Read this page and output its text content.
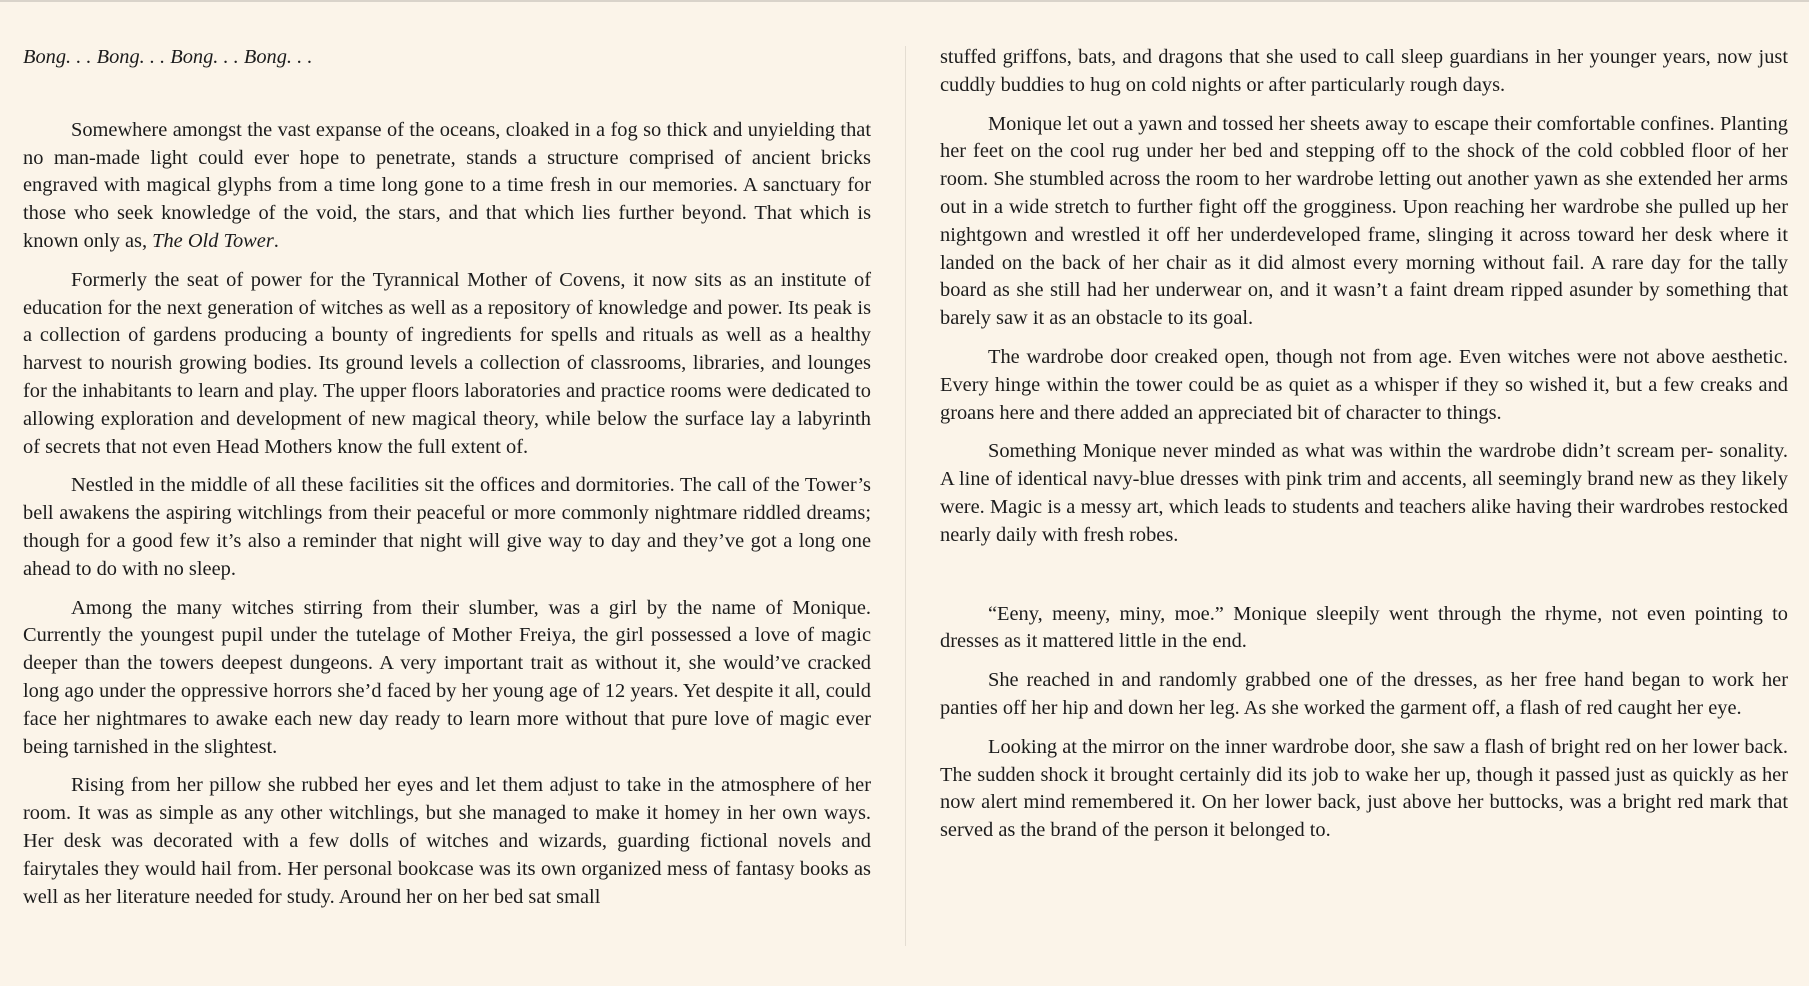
Bong. . . Bong. . . Bong. . . Bong. . .

Somewhere amongst the vast expanse of the oceans, cloaked in a fog so thick and unyielding that no man-made light could ever hope to penetrate, stands a structure comprised of ancient bricks engraved with magical glyphs from a time long gone to a time fresh in our memories. A sanctuary for those who seek knowledge of the void, the stars, and that which lies further beyond. That which is known only as, The Old Tower.

Formerly the seat of power for the Tyrannical Mother of Covens, it now sits as an institute of education for the next generation of witches as well as a repository of knowledge and power. Its peak is a collection of gardens producing a bounty of ingredients for spells and rituals as well as a healthy harvest to nourish growing bodies. Its ground levels a collection of classrooms, libraries, and lounges for the inhabitants to learn and play. The upper floors laboratories and practice rooms were dedicated to allowing exploration and development of new magical theory, while below the surface lay a labyrinth of secrets that not even Head Mothers know the full extent of.

Nestled in the middle of all these facilities sit the offices and dormitories. The call of the Tower’s bell awakens the aspiring witchlings from their peaceful or more commonly nightmare riddled dreams; though for a good few it’s also a reminder that night will give way to day and they’ve got a long one ahead to do with no sleep.

Among the many witches stirring from their slumber, was a girl by the name of Monique. Currently the youngest pupil under the tutelage of Mother Freiya, the girl possessed a love of magic deeper than the towers deepest dungeons. A very important trait as without it, she would’ve cracked long ago under the oppressive horrors she’d faced by her young age of 12 years. Yet despite it all, could face her nightmares to awake each new day ready to learn more without that pure love of magic ever being tarnished in the slightest.

Rising from her pillow she rubbed her eyes and let them adjust to take in the atmosphere of her room. It was as simple as any other witchlings, but she managed to make it homey in her own ways. Her desk was decorated with a few dolls of witches and wizards, guarding fictional novels and fairytales they would hail from. Her personal bookcase was its own organized mess of fantasy books as well as her literature needed for study. Around her on her bed sat small

stuffed griffons, bats, and dragons that she used to call sleep guardians in her younger years, now just cuddly buddies to hug on cold nights or after particularly rough days.

Monique let out a yawn and tossed her sheets away to escape their comfortable confines. Planting her feet on the cool rug under her bed and stepping off to the shock of the cold cobbled floor of her room. She stumbled across the room to her wardrobe letting out another yawn as she extended her arms out in a wide stretch to further fight off the grogginess. Upon reaching her wardrobe she pulled up her nightgown and wrestled it off her underdeveloped frame, slinging it across toward her desk where it landed on the back of her chair as it did almost every morning without fail. A rare day for the tally board as she still had her underwear on, and it wasn’t a faint dream ripped asunder by something that barely saw it as an obstacle to its goal.

The wardrobe door creaked open, though not from age. Even witches were not above aesthetic. Every hinge within the tower could be as quiet as a whisper if they so wished it, but a few creaks and groans here and there added an appreciated bit of character to things.

Something Monique never minded as what was within the wardrobe didn’t scream per- sonality. A line of identical navy-blue dresses with pink trim and accents, all seemingly brand new as they likely were. Magic is a messy art, which leads to students and teachers alike having their wardrobes restocked nearly daily with fresh robes.

“Eeny, meeny, miny, moe.” Monique sleepily went through the rhyme, not even pointing to dresses as it mattered little in the end.

She reached in and randomly grabbed one of the dresses, as her free hand began to work her panties off her hip and down her leg. As she worked the garment off, a flash of red caught her eye.

Looking at the mirror on the inner wardrobe door, she saw a flash of bright red on her lower back. The sudden shock it brought certainly did its job to wake her up, though it passed just as quickly as her now alert mind remembered it. On her lower back, just above her buttocks, was a bright red mark that served as the brand of the person it belonged to.
